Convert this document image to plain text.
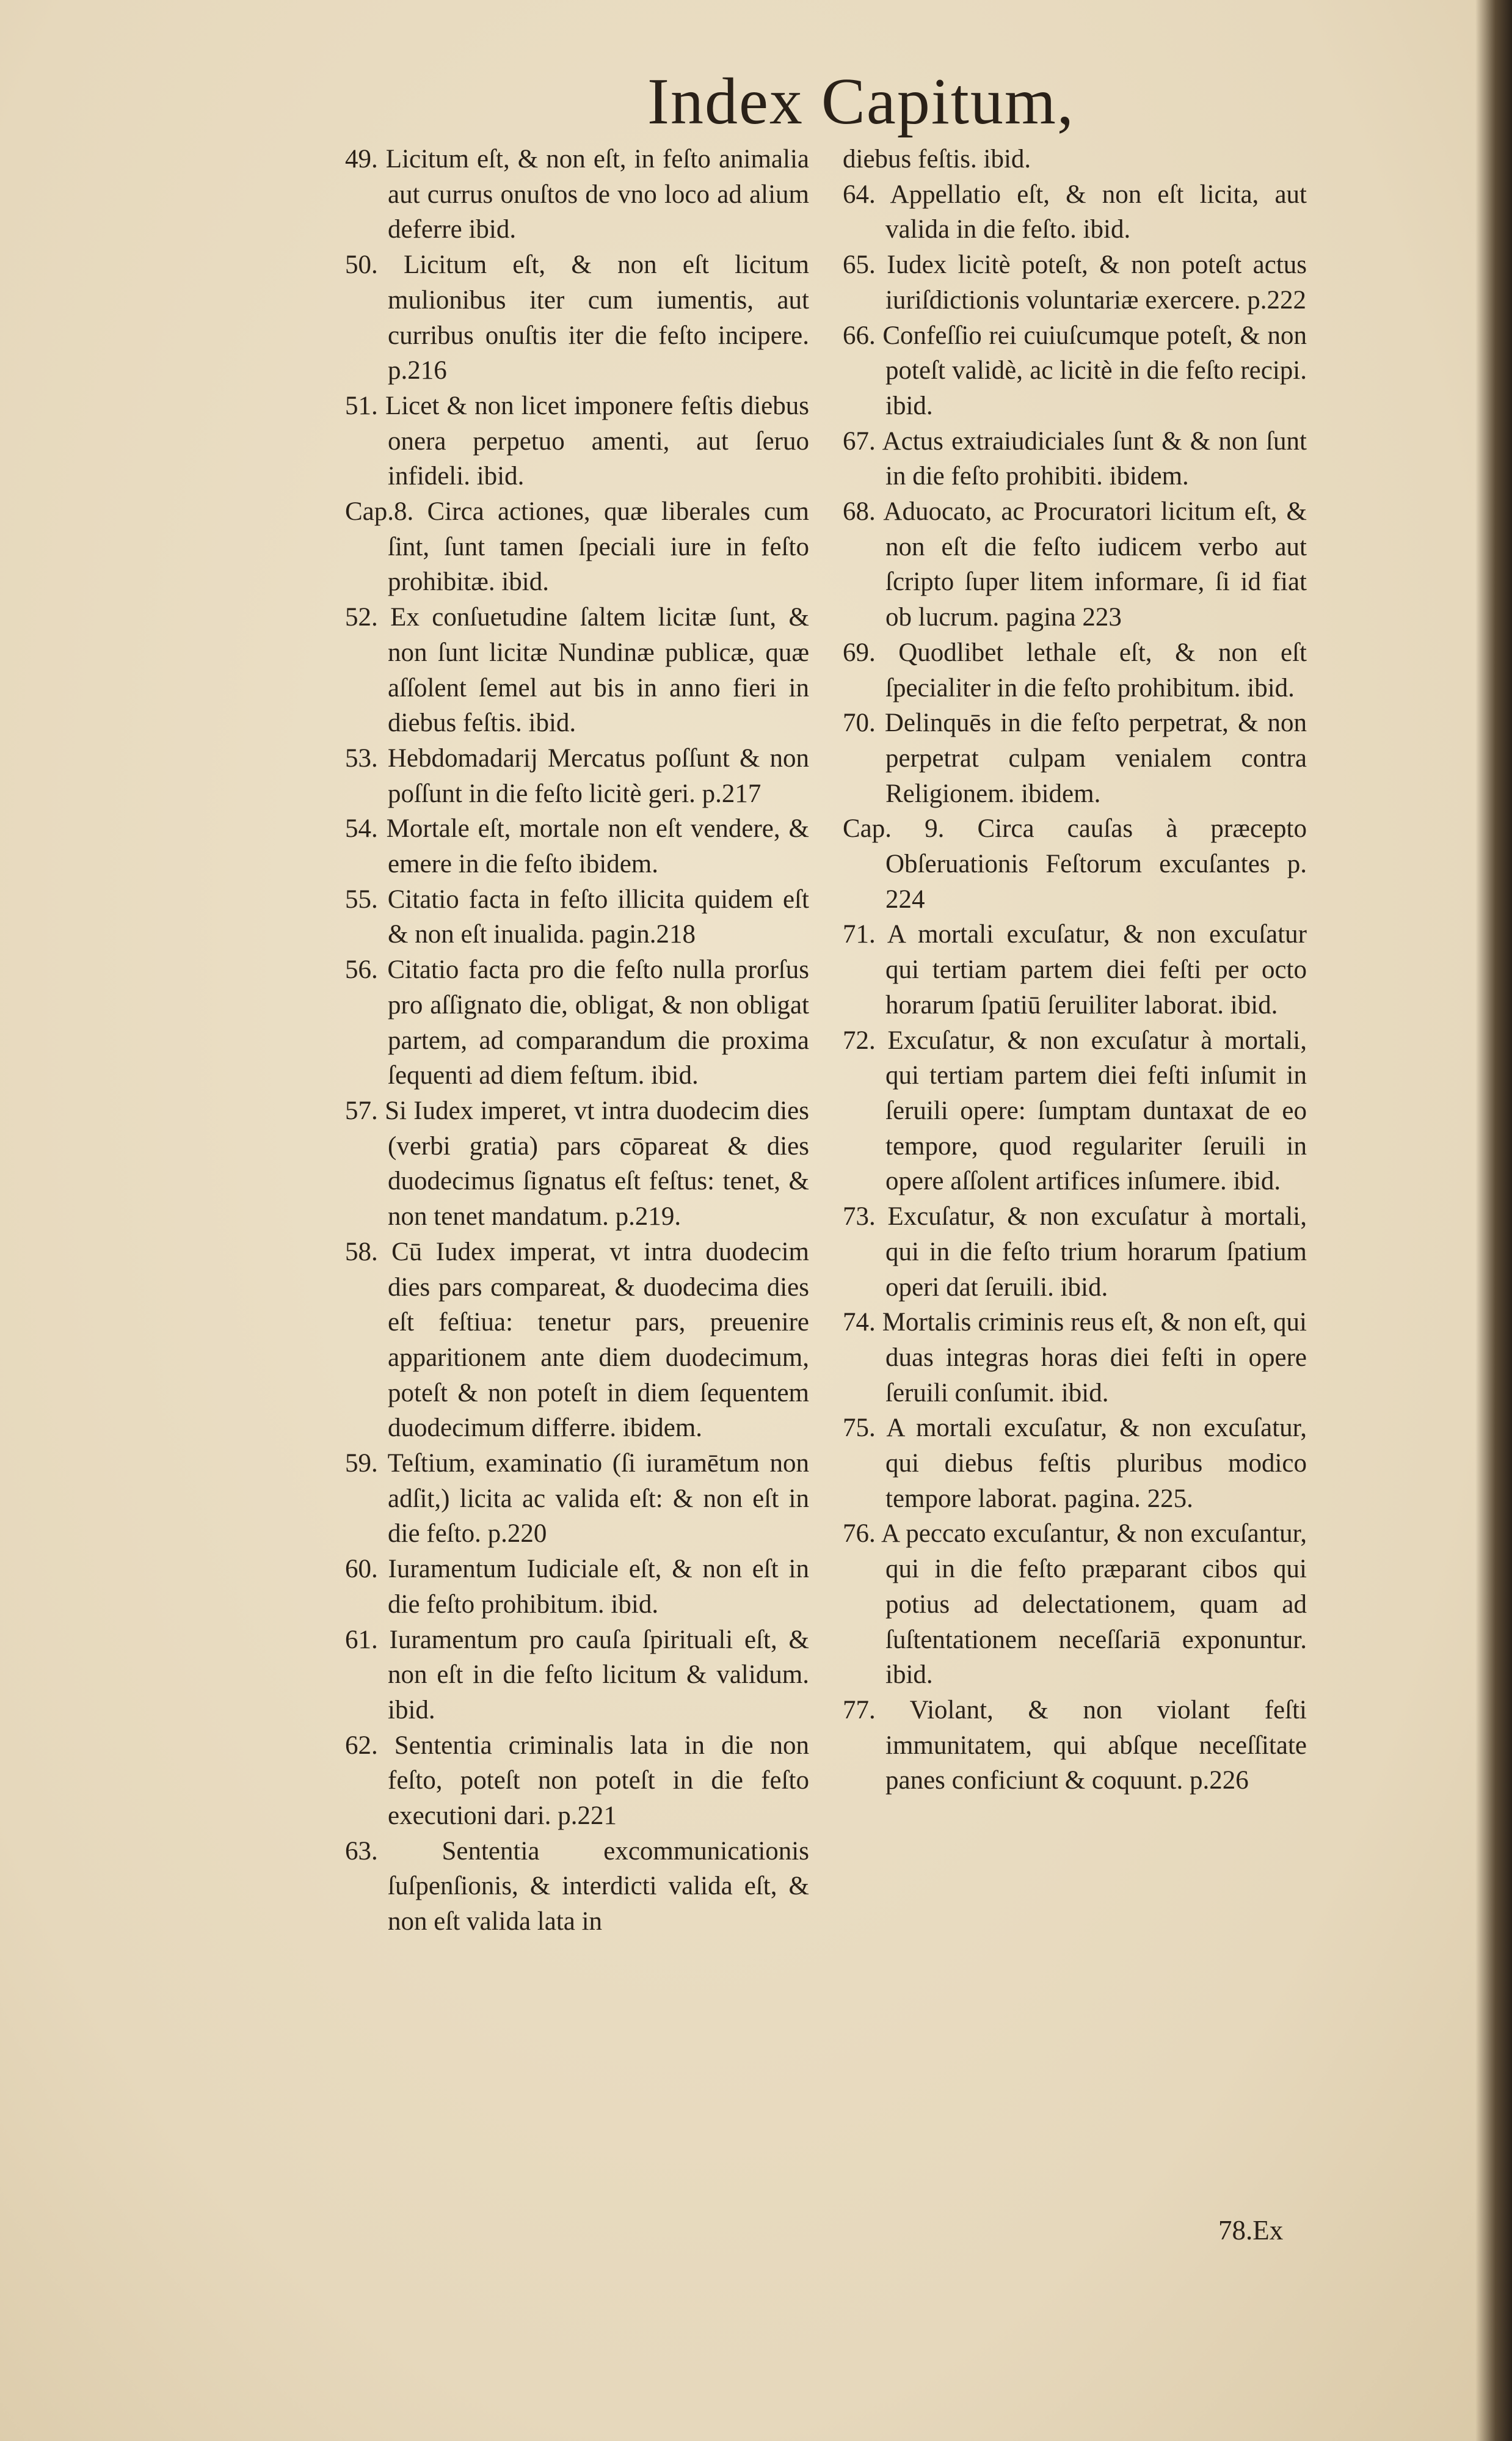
Index Capitum,

49. Licitum eſt, & non eſt, in feſto animalia aut currus onuſtos de vno loco ad alium deferre ibid.

50. Licitum eſt, & non eſt licitum mulionibus iter cum iumentis, aut curribus onuſtis iter die feſto incipere. p.216

51. Licet & non licet imponere feſtis diebus onera perpetuo amenti, aut ſeruo infideli. ibid.

Cap.8. Circa actiones, quæ liberales cum ſint, ſunt tamen ſpeciali iure in feſto prohibitæ. ibid.

52. Ex conſuetudine ſaltem licitæ ſunt, & non ſunt licitæ Nundinæ publicæ, quæ aſſolent ſemel aut bis in anno fieri in diebus feſtis. ibid.

53. Hebdomadarij Mercatus poſſunt & non poſſunt in die feſto licitè geri. p.217

54. Mortale eſt, mortale non eſt vendere, & emere in die feſto ibidem.

55. Citatio facta in feſto illicita quidem eſt & non eſt inualida. pagin.218

56. Citatio facta pro die feſto nulla prorſus pro aſſignato die, obligat, & non obligat partem, ad comparandum die proxima ſequenti ad diem feſtum. ibid.

57. Si Iudex imperet, vt intra duodecim dies (verbi gratia) pars cōpareat & dies duodecimus ſignatus eſt feſtus: tenet, & non tenet mandatum. p.219.

58. Cū Iudex imperat, vt intra duodecim dies pars compareat, & duodecima dies eſt feſtiua: tenetur pars, preuenire apparitionem ante diem duodecimum, poteſt & non poteſt in diem ſequentem duodecimum differre. ibidem.

59. Teſtium, examinatio (ſi iuramētum non adſit,) licita ac valida eſt: & non eſt in die feſto. p.220

60. Iuramentum Iudiciale eſt, & non eſt in die feſto prohibitum. ibid.

61. Iuramentum pro cauſa ſpirituali eſt, & non eſt in die feſto licitum & validum. ibid.

62. Sententia criminalis lata in die non feſto, poteſt non poteſt in die feſto executioni dari. p.221

63. Sententia excommunicationis ſuſpenſionis, & interdicti valida eſt, & non eſt valida lata in

diebus feſtis. ibid.

64. Appellatio eſt, & non eſt licita, aut valida in die feſto. ibid.

65. Iudex licitè poteſt, & non poteſt actus iuriſdictionis voluntariæ exercere. p.222

66. Confeſſio rei cuiuſcumque poteſt, & non poteſt validè, ac licitè in die feſto recipi. ibid.

67. Actus extraiudiciales ſunt & & non ſunt in die feſto prohibiti. ibidem.

68. Aduocato, ac Procuratori licitum eſt, & non eſt die feſto iudicem verbo aut ſcripto ſuper litem informare, ſi id fiat ob lucrum. pagina 223

69. Quodlibet lethale eſt, & non eſt ſpecialiter in die feſto prohibitum. ibid.

70. Delinquēs in die feſto perpetrat, & non perpetrat culpam venialem contra Religionem. ibidem.

Cap. 9. Circa cauſas à præcepto Obſeruationis Feſtorum excuſantes p. 224

71. A mortali excuſatur, & non excuſatur qui tertiam partem diei feſti per octo horarum ſpatiū ſeruiliter laborat. ibid.

72. Excuſatur, & non excuſatur à mortali, qui tertiam partem diei feſti inſumit in ſeruili opere: ſumptam duntaxat de eo tempore, quod regulariter ſeruili in opere aſſolent artifices inſumere. ibid.

73. Excuſatur, & non excuſatur à mortali, qui in die feſto trium horarum ſpatium operi dat ſeruili. ibid.

74. Mortalis criminis reus eſt, & non eſt, qui duas integras horas diei feſti in opere ſeruili conſumit. ibid.

75. A mortali excuſatur, & non excuſatur, qui diebus feſtis pluribus modico tempore laborat. pagina. 225.

76. A peccato excuſantur, & non excuſantur, qui in die feſto præparant cibos qui potius ad delectationem, quam ad ſuſtentationem neceſſariā exponuntur. ibid.

77. Violant, & non violant feſti immunitatem, qui abſque neceſſitate panes conficiunt & coquunt. p.226

78.Ex
